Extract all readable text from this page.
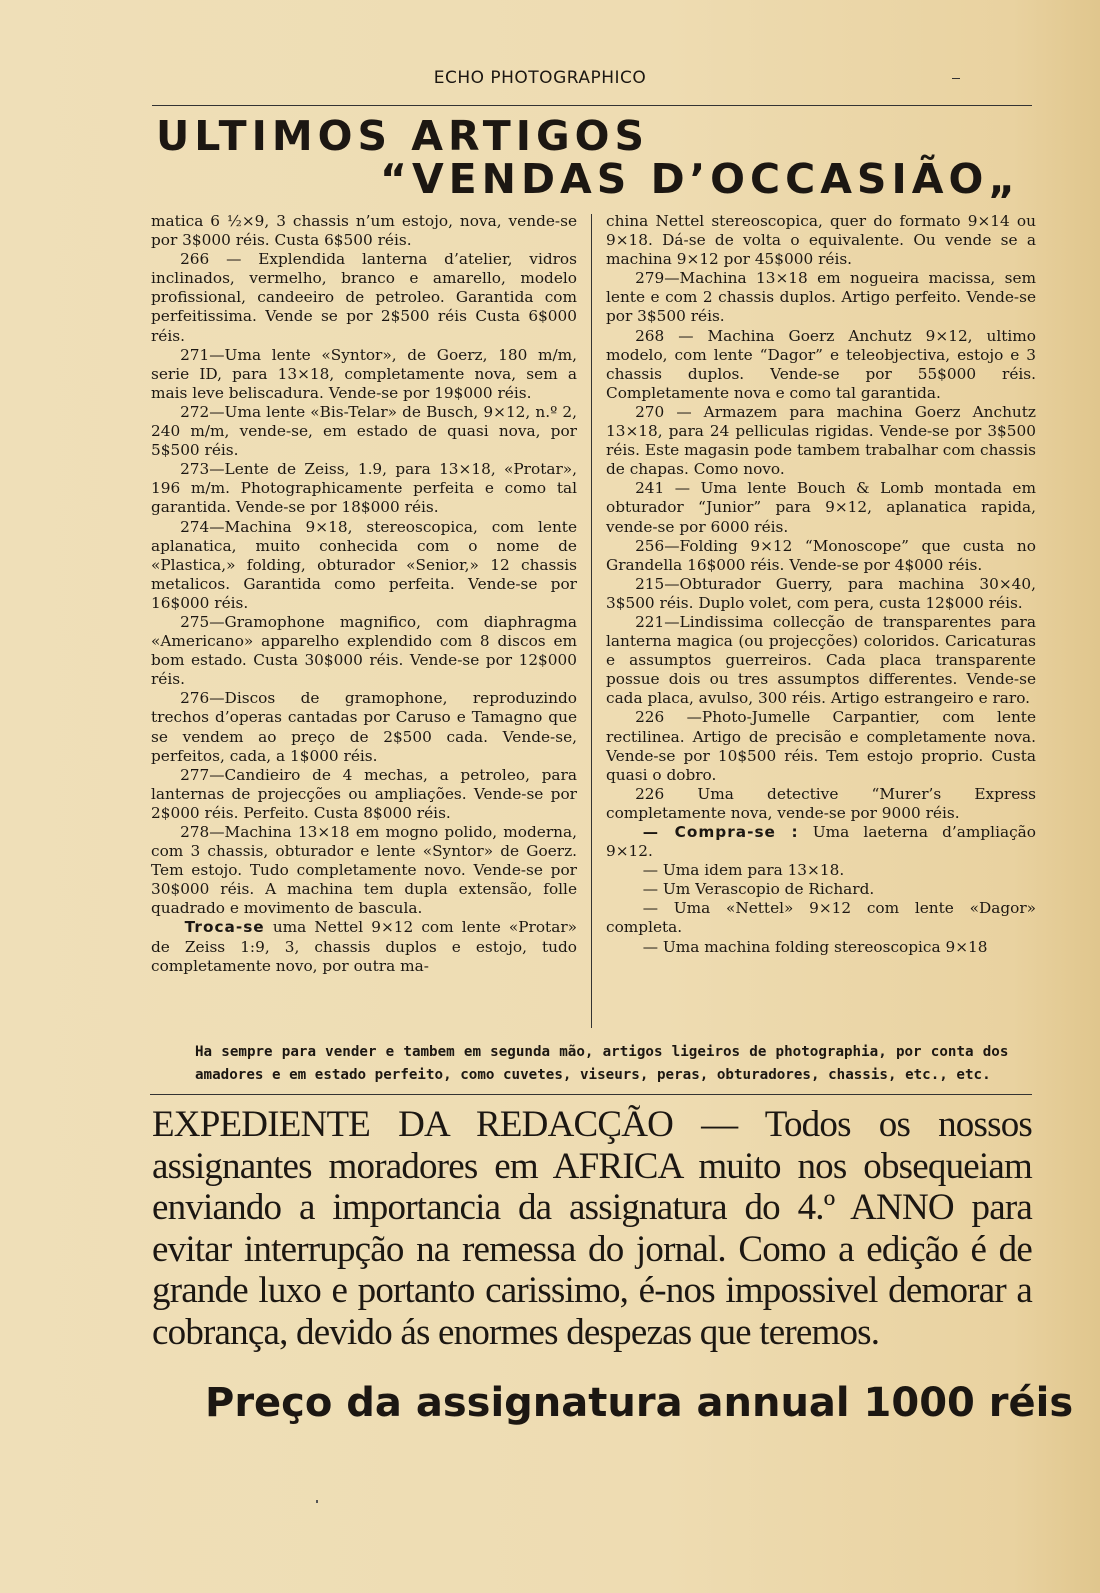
ECHO PHOTOGRAPHICO
ULTIMOS ARTIGOS
“VENDAS D’OCCASIÃO„

matica 6 ½×9, 3 chassis n’um estojo, nova, vende-se por 3$000 réis. Custa 6$500 réis.

266 — Explendida lanterna d’atelier, vidros inclinados, vermelho, branco e amarello, modelo profissional, candeeiro de petroleo. Garantida com perfeitissima. Vende se por 2$500 réis Custa 6$000 réis.

271—Uma lente «Syntor», de Goerz, 180 m/m, serie ID, para 13×18, completamente nova, sem a mais leve beliscadura. Vende-se por 19$000 réis.

272—Uma lente «Bis-Telar» de Busch, 9×12, n.º 2, 240 m/m, vende-se, em estado de quasi nova, por 5$500 réis.

273—Lente de Zeiss, 1.9, para 13×18, «Protar», 196 m/m. Photographicamente perfeita e como tal garantida. Vende-se por 18$000 réis.

274—Machina 9×18, stereoscopica, com lente aplanatica, muito conhecida com o nome de «Plastica,» folding, obturador «Senior,» 12 chassis metalicos. Garantida como perfeita. Vende-se por 16$000 réis.

275—Gramophone magnifico, com diaphragma «Americano» apparelho explendido com 8 discos em bom estado. Custa 30$000 réis. Vende-se por 12$000 réis.

276—Discos de gramophone, reproduzindo trechos d’operas cantadas por Caruso e Tamagno que se vendem ao preço de 2$500 cada. Vende-se, perfeitos, cada, a 1$000 réis.

277—Candieiro de 4 mechas, a petroleo, para lanternas de projecções ou ampliações. Vende-se por 2$000 réis. Perfeito. Custa 8$000 réis.

278—Machina 13×18 em mogno polido, moderna, com 3 chassis, obturador e lente «Syntor» de Goerz. Tem estojo. Tudo completamente novo. Vende-se por 30$000 réis. A machina tem dupla extensão, folle quadrado e movimento de bascula.

Troca-se uma Nettel 9×12 com lente «Protar» de Zeiss 1:9, 3, chassis duplos e estojo, tudo completamente novo, por outra ma-

china Nettel stereoscopica, quer do formato 9×14 ou 9×18. Dá-se de volta o equivalente. Ou vende se a machina 9×12 por 45$000 réis.

279—Machina 13×18 em nogueira macissa, sem lente e com 2 chassis duplos. Artigo perfeito. Vende-se por 3$500 réis.

268 — Machina Goerz Anchutz 9×12, ultimo modelo, com lente “Dagor” e teleobjectiva, estojo e 3 chassis duplos. Vende-se por 55$000 réis. Completamente nova e como tal garantida.

270 — Armazem para machina Goerz Anchutz 13×18, para 24 pelliculas rigidas. Vende-se por 3$500 réis. Este magasin pode tambem trabalhar com chassis de chapas. Como novo.

241 — Uma lente Bouch & Lomb montada em obturador “Junior” para 9×12, aplanatica rapida, vende-se por 6000 réis.

256—Folding 9×12 “Monoscope” que custa no Grandella 16$000 réis. Vende-se por 4$000 réis.

215—Obturador Guerry, para machina 30×40, 3$500 réis. Duplo volet, com pera, custa 12$000 réis.

221—Lindissima collecção de transparentes para lanterna magica (ou projecções) coloridos. Caricaturas e assumptos guerreiros. Cada placa transparente possue dois ou tres assumptos differentes. Vende-se cada placa, avulso, 300 réis. Artigo estrangeiro e raro.

226 —Photo-Jumelle Carpantier, com lente rectilinea. Artigo de precisão e completamente nova. Vende-se por 10$500 réis. Tem estojo proprio. Custa quasi o dobro.

226 Uma detective “Murer’s Express completamente nova, vende-se por 9000 réis.

— Compra-se : Uma laeterna d’ampliação 9×12.

— Uma idem para 13×18.

— Um Verascopio de Richard.

— Uma «Nettel» 9×12 com lente «Dagor» completa.

— Uma machina folding stereoscopica 9×18

Ha sempre para vender e tambem em segunda mão, artigos ligeiros de photographia, por conta dos amadores e em estado perfeito, como cuvetes, viseurs, peras, obturadores, chassis, etc., etc.
EXPEDIENTE DA REDACÇÃO — Todos os nossos assignantes moradores em AFRICA muito nos obsequeiam enviando a importancia da assignatura do 4.º ANNO para evitar interrupção na remessa do jornal. Como a edição é de grande luxo e portanto carissimo, é-nos impossivel demorar a cobrança, devido ás enormes despezas que teremos.
Preço da assignatura annual 1000 réis
